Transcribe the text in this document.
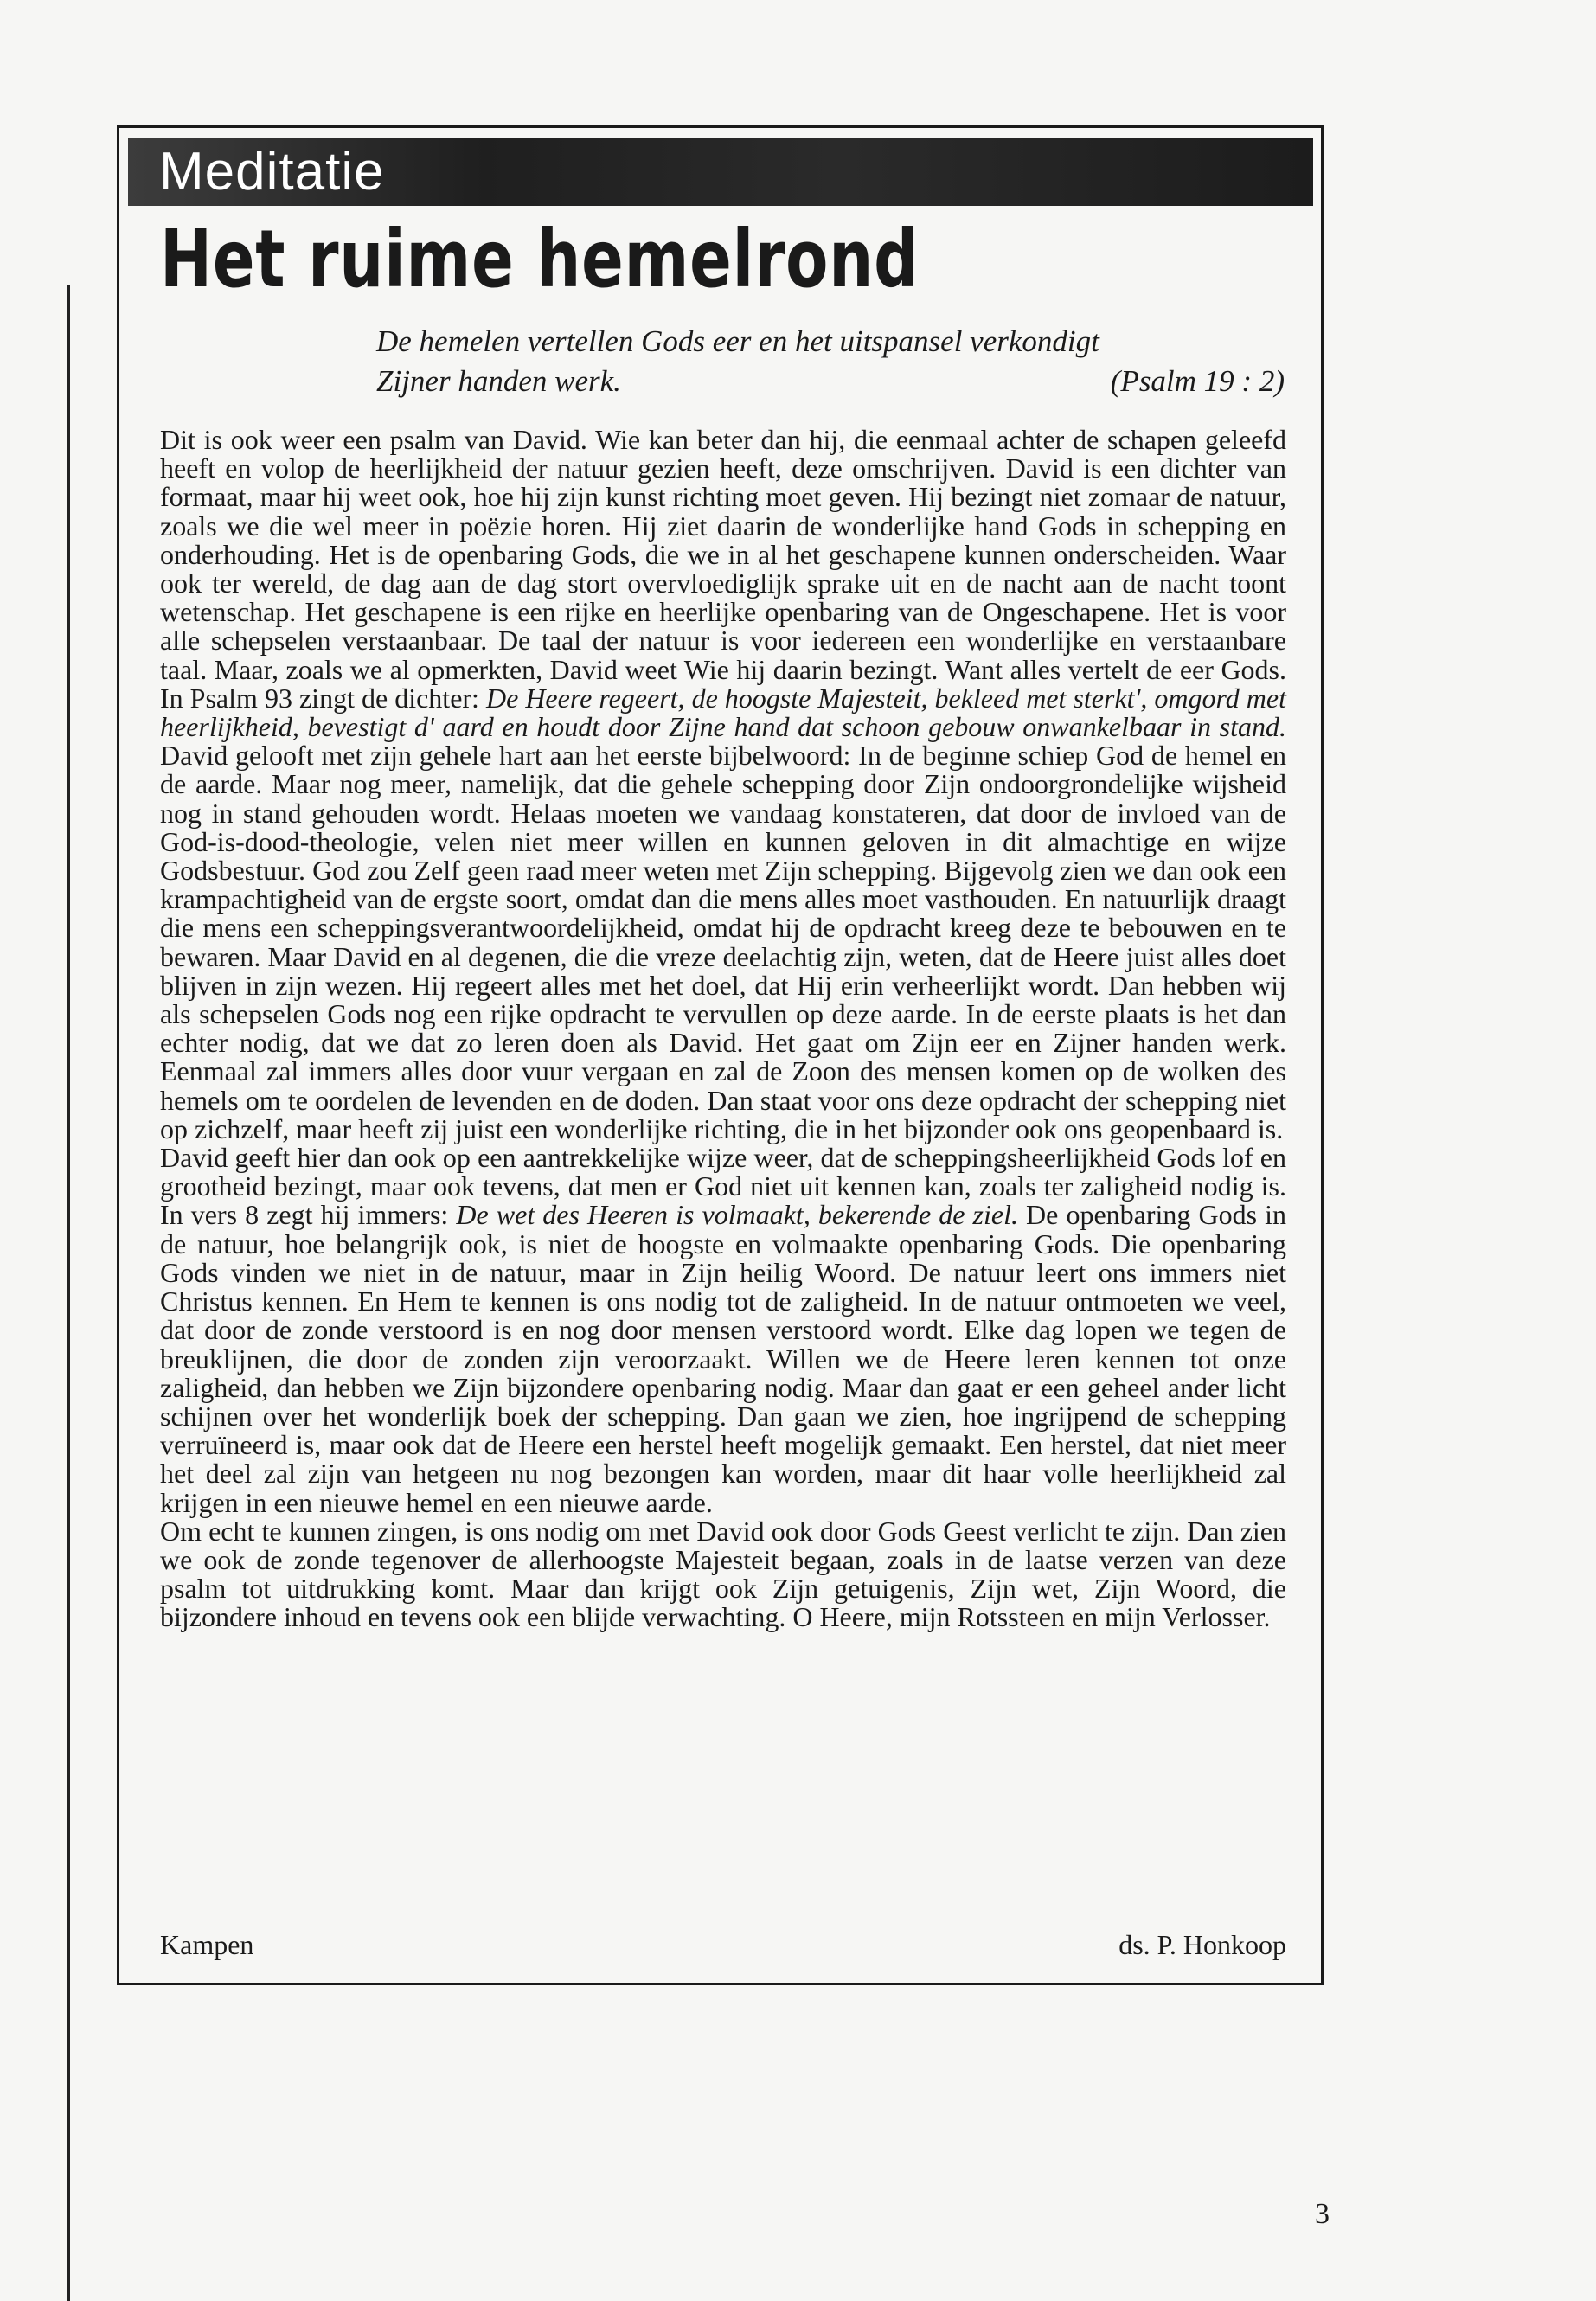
Meditatie
Het ruime hemelrond
De hemelen vertellen Gods eer en het uitspansel verkondigt
Zijner handen werk.	(Psalm 19 : 2)

Dit is ook weer een psalm van David. Wie kan beter dan hij, die eenmaal achter de schapen geleefd heeft en volop de heerlijkheid der natuur gezien heeft, deze omschrijven. David is een dichter van formaat, maar hij weet ook, hoe hij zijn kunst richting moet geven. Hij bezingt niet zomaar de natuur, zoals we die wel meer in poëzie horen. Hij ziet daarin de wonderlijke hand Gods in schepping en onderhouding. Het is de openbaring Gods, die we in al het geschapene kunnen onderscheiden. Waar ook ter wereld, de dag aan de dag stort overvloediglijk sprake uit en de nacht aan de nacht toont wetenschap. Het geschapene is een rijke en heerlijke openbaring van de Ongeschapene. Het is voor alle schepselen verstaanbaar. De taal der natuur is voor iedereen een wonderlijke en verstaanbare taal. Maar, zoals we al opmerkten, David weet Wie hij daarin bezingt. Want alles vertelt de eer Gods. In Psalm 93 zingt de dichter: De Heere regeert, de hoogste Majesteit, bekleed met sterkt', omgord met heerlijkheid, bevestigt d' aard en houdt door Zijne hand dat schoon gebouw onwankelbaar in stand. David gelooft met zijn gehele hart aan het eerste bijbelwoord: In de beginne schiep God de hemel en de aarde. Maar nog meer, namelijk, dat die gehele schepping door Zijn ondoorgrondelijke wijsheid nog in stand gehouden wordt. Helaas moeten we vandaag konstateren, dat door de invloed van de God-is-dood-theologie, velen niet meer willen en kunnen geloven in dit almachtige en wijze Godsbestuur. God zou Zelf geen raad meer weten met Zijn schepping. Bijgevolg zien we dan ook een krampachtigheid van de ergste soort, omdat dan die mens alles moet vasthouden. En natuurlijk draagt die mens een scheppingsverantwoordelijkheid, omdat hij de opdracht kreeg deze te bebouwen en te bewaren. Maar David en al degenen, die die vreze deelachtig zijn, weten, dat de Heere juist alles doet blijven in zijn wezen. Hij regeert alles met het doel, dat Hij erin verheerlijkt wordt. Dan hebben wij als schepselen Gods nog een rijke opdracht te vervullen op deze aarde. In de eerste plaats is het dan echter nodig, dat we dat zo leren doen als David. Het gaat om Zijn eer en Zijner handen werk. Eenmaal zal immers alles door vuur vergaan en zal de Zoon des mensen komen op de wolken des hemels om te oordelen de levenden en de doden. Dan staat voor ons deze opdracht der schepping niet op zichzelf, maar heeft zij juist een wonderlijke richting, die in het bijzonder ook ons geopenbaard is.

David geeft hier dan ook op een aantrekkelijke wijze weer, dat de scheppingsheerlijkheid Gods lof en grootheid bezingt, maar ook tevens, dat men er God niet uit kennen kan, zoals ter zaligheid nodig is. In vers 8 zegt hij immers: De wet des Heeren is volmaakt, bekerende de ziel. De openbaring Gods in de natuur, hoe belangrijk ook, is niet de hoogste en volmaakte openbaring Gods. Die openbaring Gods vinden we niet in de natuur, maar in Zijn heilig Woord. De natuur leert ons immers niet Christus kennen. En Hem te kennen is ons nodig tot de zaligheid. In de natuur ontmoeten we veel, dat door de zonde verstoord is en nog door mensen verstoord wordt. Elke dag lopen we tegen de breuklijnen, die door de zonden zijn veroorzaakt. Willen we de Heere leren kennen tot onze zaligheid, dan hebben we Zijn bijzondere openbaring nodig. Maar dan gaat er een geheel ander licht schijnen over het wonderlijk boek der schepping. Dan gaan we zien, hoe ingrijpend de schepping verruïneerd is, maar ook dat de Heere een herstel heeft mogelijk gemaakt. Een herstel, dat niet meer het deel zal zijn van hetgeen nu nog bezongen kan worden, maar dit haar volle heerlijkheid zal krijgen in een nieuwe hemel en een nieuwe aarde.

Om echt te kunnen zingen, is ons nodig om met David ook door Gods Geest verlicht te zijn. Dan zien we ook de zonde tegenover de allerhoogste Majesteit begaan, zoals in de laatse verzen van deze psalm tot uitdrukking komt. Maar dan krijgt ook Zijn getuigenis, Zijn wet, Zijn Woord, die bijzondere inhoud en tevens ook een blijde verwachting. O Heere, mijn Rotssteen en mijn Verlosser.

Kampen	ds. P. Honkoop
3
